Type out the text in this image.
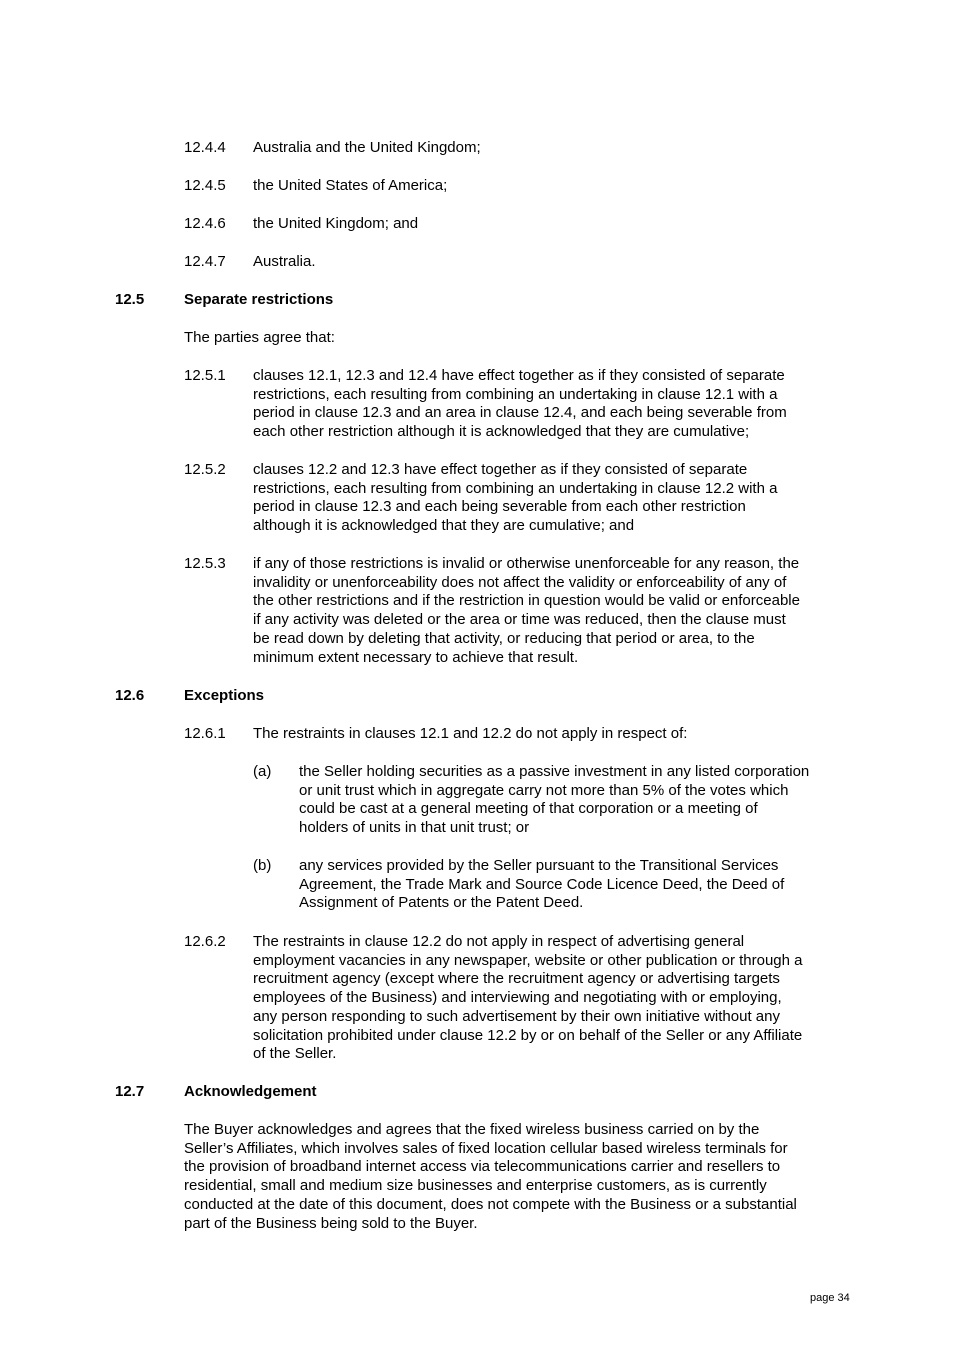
12.4.4 Australia and the United Kingdom;
12.4.5 the United States of America;
12.4.6 the United Kingdom; and
12.4.7 Australia.
12.5	Separate restrictions
The parties agree that:
12.5.1 clauses 12.1, 12.3 and 12.4 have effect together as if they consisted of separate
restrictions, each resulting from combining an undertaking in clause 12.1 with a
period in clause 12.3 and an area in clause 12.4, and each being severable from
each other restriction although it is acknowledged that they are cumulative;
12.5.2 clauses 12.2 and 12.3 have effect together as if they consisted of separate
restrictions, each resulting from combining an undertaking in clause 12.2 with a
period in clause 12.3 and each being severable from each other restriction
although it is acknowledged that they are cumulative; and
12.5.3 if any of those restrictions is invalid or otherwise unenforceable for any reason, the
invalidity or unenforceability does not affect the validity or enforceability of any of
the other restrictions and if the restriction in question would be valid or enforceable
if any activity was deleted or the area or time was reduced, then the clause must
be read down by deleting that activity, or reducing that period or area, to the
minimum extent necessary to achieve that result.
12.6	Exceptions
12.6.1 The restraints in clauses 12.1 and 12.2 do not apply in respect of:
(a) the Seller holding securities as a passive investment in any listed corporation
or unit trust which in aggregate carry not more than 5% of the votes which
could be cast at a general meeting of that corporation or a meeting of
holders of units in that unit trust; or
(b) any services provided by the Seller pursuant to the Transitional Services
Agreement, the Trade Mark and Source Code Licence Deed, the Deed of
Assignment of Patents or the Patent Deed.
12.6.2 The restraints in clause 12.2 do not apply in respect of advertising general
employment vacancies in any newspaper, website or other publication or through a
recruitment agency (except where the recruitment agency or advertising targets
employees of the Business) and interviewing and negotiating with or employing,
any person responding to such advertisement by their own initiative without any
solicitation prohibited under clause 12.2 by or on behalf of the Seller or any Affiliate
of the Seller.
12.7	Acknowledgement
The Buyer acknowledges and agrees that the fixed wireless business carried on by the
Seller’s Affiliates, which involves sales of fixed location cellular based wireless terminals for
the provision of broadband internet access via telecommunications carrier and resellers to
residential, small and medium size businesses and enterprise customers, as is currently
conducted at the date of this document, does not compete with the Business or a substantial
part of the Business being sold to the Buyer.
page 34
